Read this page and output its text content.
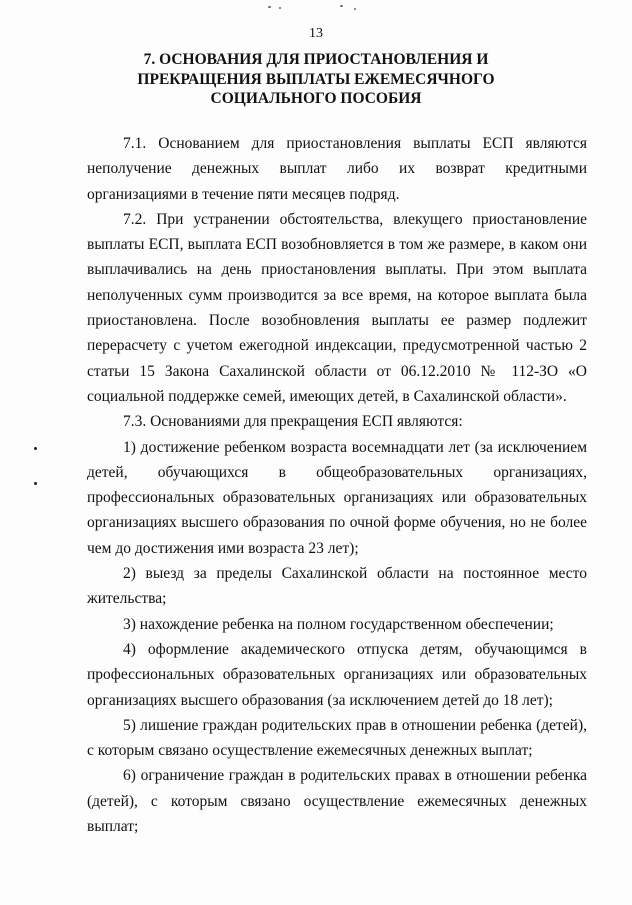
13
7. ОСНОВАНИЯ ДЛЯ ПРИОСТАНОВЛЕНИЯ И
ПРЕКРАЩЕНИЯ ВЫПЛАТЫ ЕЖЕМЕСЯЧНОГО
СОЦИАЛЬНОГО ПОСОБИЯ

7.1. Основанием для приостановления выплаты ЕСП являются неполучение денежных выплат либо их возврат кредитными организациями в течение пяти месяцев подряд.

7.2. При устранении обстоятельства, влекущего приостановление выплаты ЕСП, выплата ЕСП возобновляется в том же размере, в каком они выплачивались на день приостановления выплаты. При этом выплата неполученных сумм производится за все время, на которое выплата была приостановлена. После возобновления выплаты ее размер подлежит перерасчету с учетом ежегодной индексации, предусмотренной частью 2 статьи 15 Закона Сахалинской области от 06.12.2010 № 112-ЗО «О социальной поддержке семей, имеющих детей, в Сахалинской области».

7.3. Основаниями для прекращения ЕСП являются:

1) достижение ребенком возраста восемнадцати лет (за исключением детей, обучающихся в общеобразовательных организациях, профессиональных образовательных организациях или образовательных организациях высшего образования по очной форме обучения, но не более чем до достижения ими возраста 23 лет);

2) выезд за пределы Сахалинской области на постоянное место жительства;

3) нахождение ребенка на полном государственном обеспечении;

4) оформление академического отпуска детям, обучающимся в профессиональных образовательных организациях или образовательных организациях высшего образования (за исключением детей до 18 лет);

5) лишение граждан родительских прав в отношении ребенка (детей), с которым связано осуществление ежемесячных денежных выплат;

6) ограничение граждан в родительских правах в отношении ребенка (детей), с которым связано осуществление ежемесячных денежных выплат;
